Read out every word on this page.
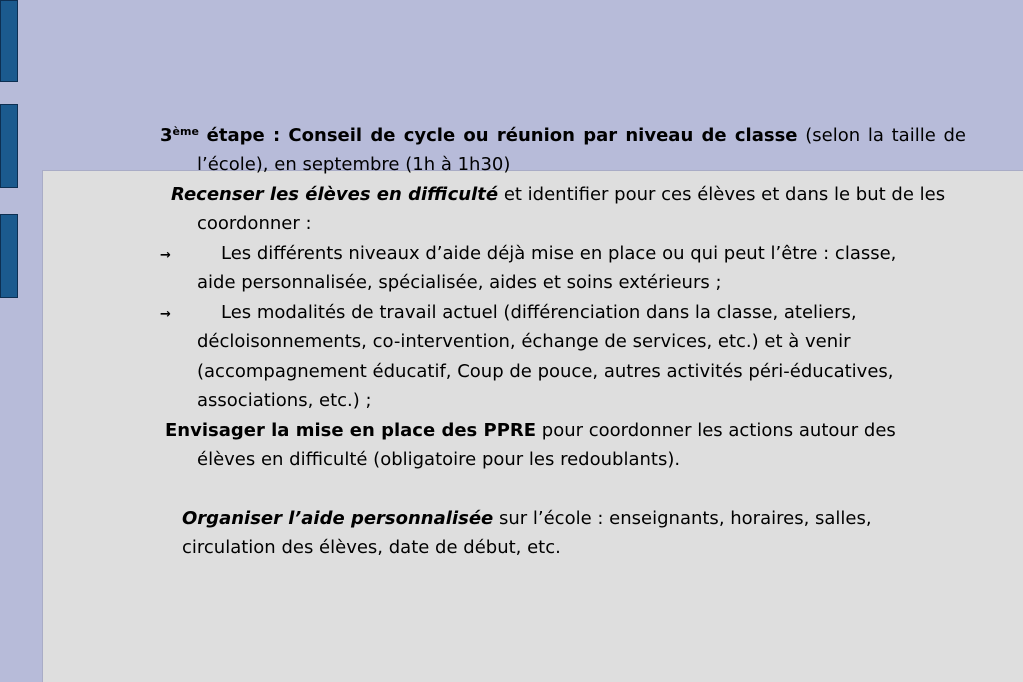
3ème étape : Conseil de cycle ou réunion par niveau de classe (selon la taille de
l’école), en septembre (1h à 1h30)
Recenser les élèves en difficulté et identifier pour ces élèves et dans le but de les
coordonner :
→	Les différents niveaux d’aide déjà mise en place ou qui peut l’être : classe,
aide personnalisée, spécialisée, aides et soins extérieurs ;
→	Les modalités de travail actuel (différenciation dans la classe, ateliers,
décloisonnements, co-intervention, échange de services, etc.) et à venir
(accompagnement éducatif, Coup de pouce, autres activités péri-éducatives,
associations, etc.) ;
Envisager la mise en place des PPRE pour coordonner les actions autour des
élèves en difficulté (obligatoire pour les redoublants).
Organiser l’aide personnalisée sur l’école : enseignants, horaires, salles,
circulation des élèves, date de début, etc.
